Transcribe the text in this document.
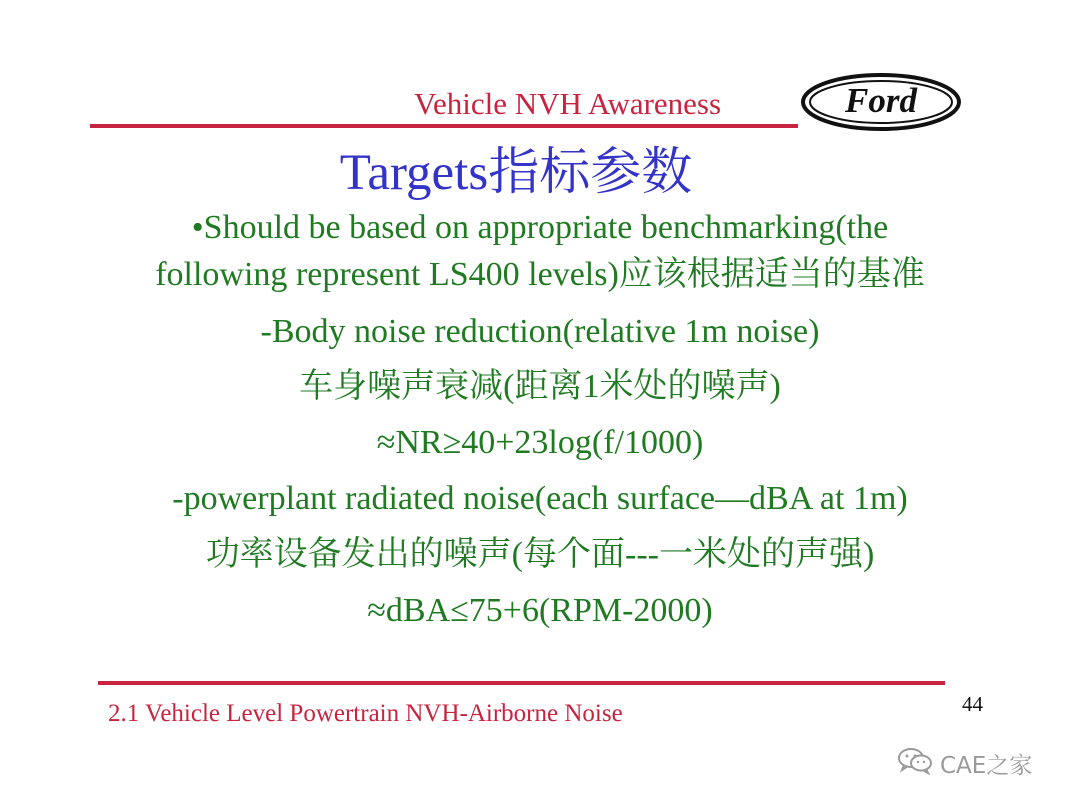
Vehicle NVH Awareness	Ford
Targets指标参数
•Should be based on appropriate benchmarking(the
following represent LS400 levels)应该根据适当的基准
-Body noise reduction(relative 1m noise)
车身噪声衰减(距离1米处的噪声)
≈NR≥40+23log(f/1000)
-powerplant radiated noise(each surface—dBA at 1m)
功率设备发出的噪声(每个面---一米处的声强)
≈dBA≤75+6(RPM-2000)
2.1 Vehicle Level Powertrain NVH-Airborne Noise	44
CAE之家
